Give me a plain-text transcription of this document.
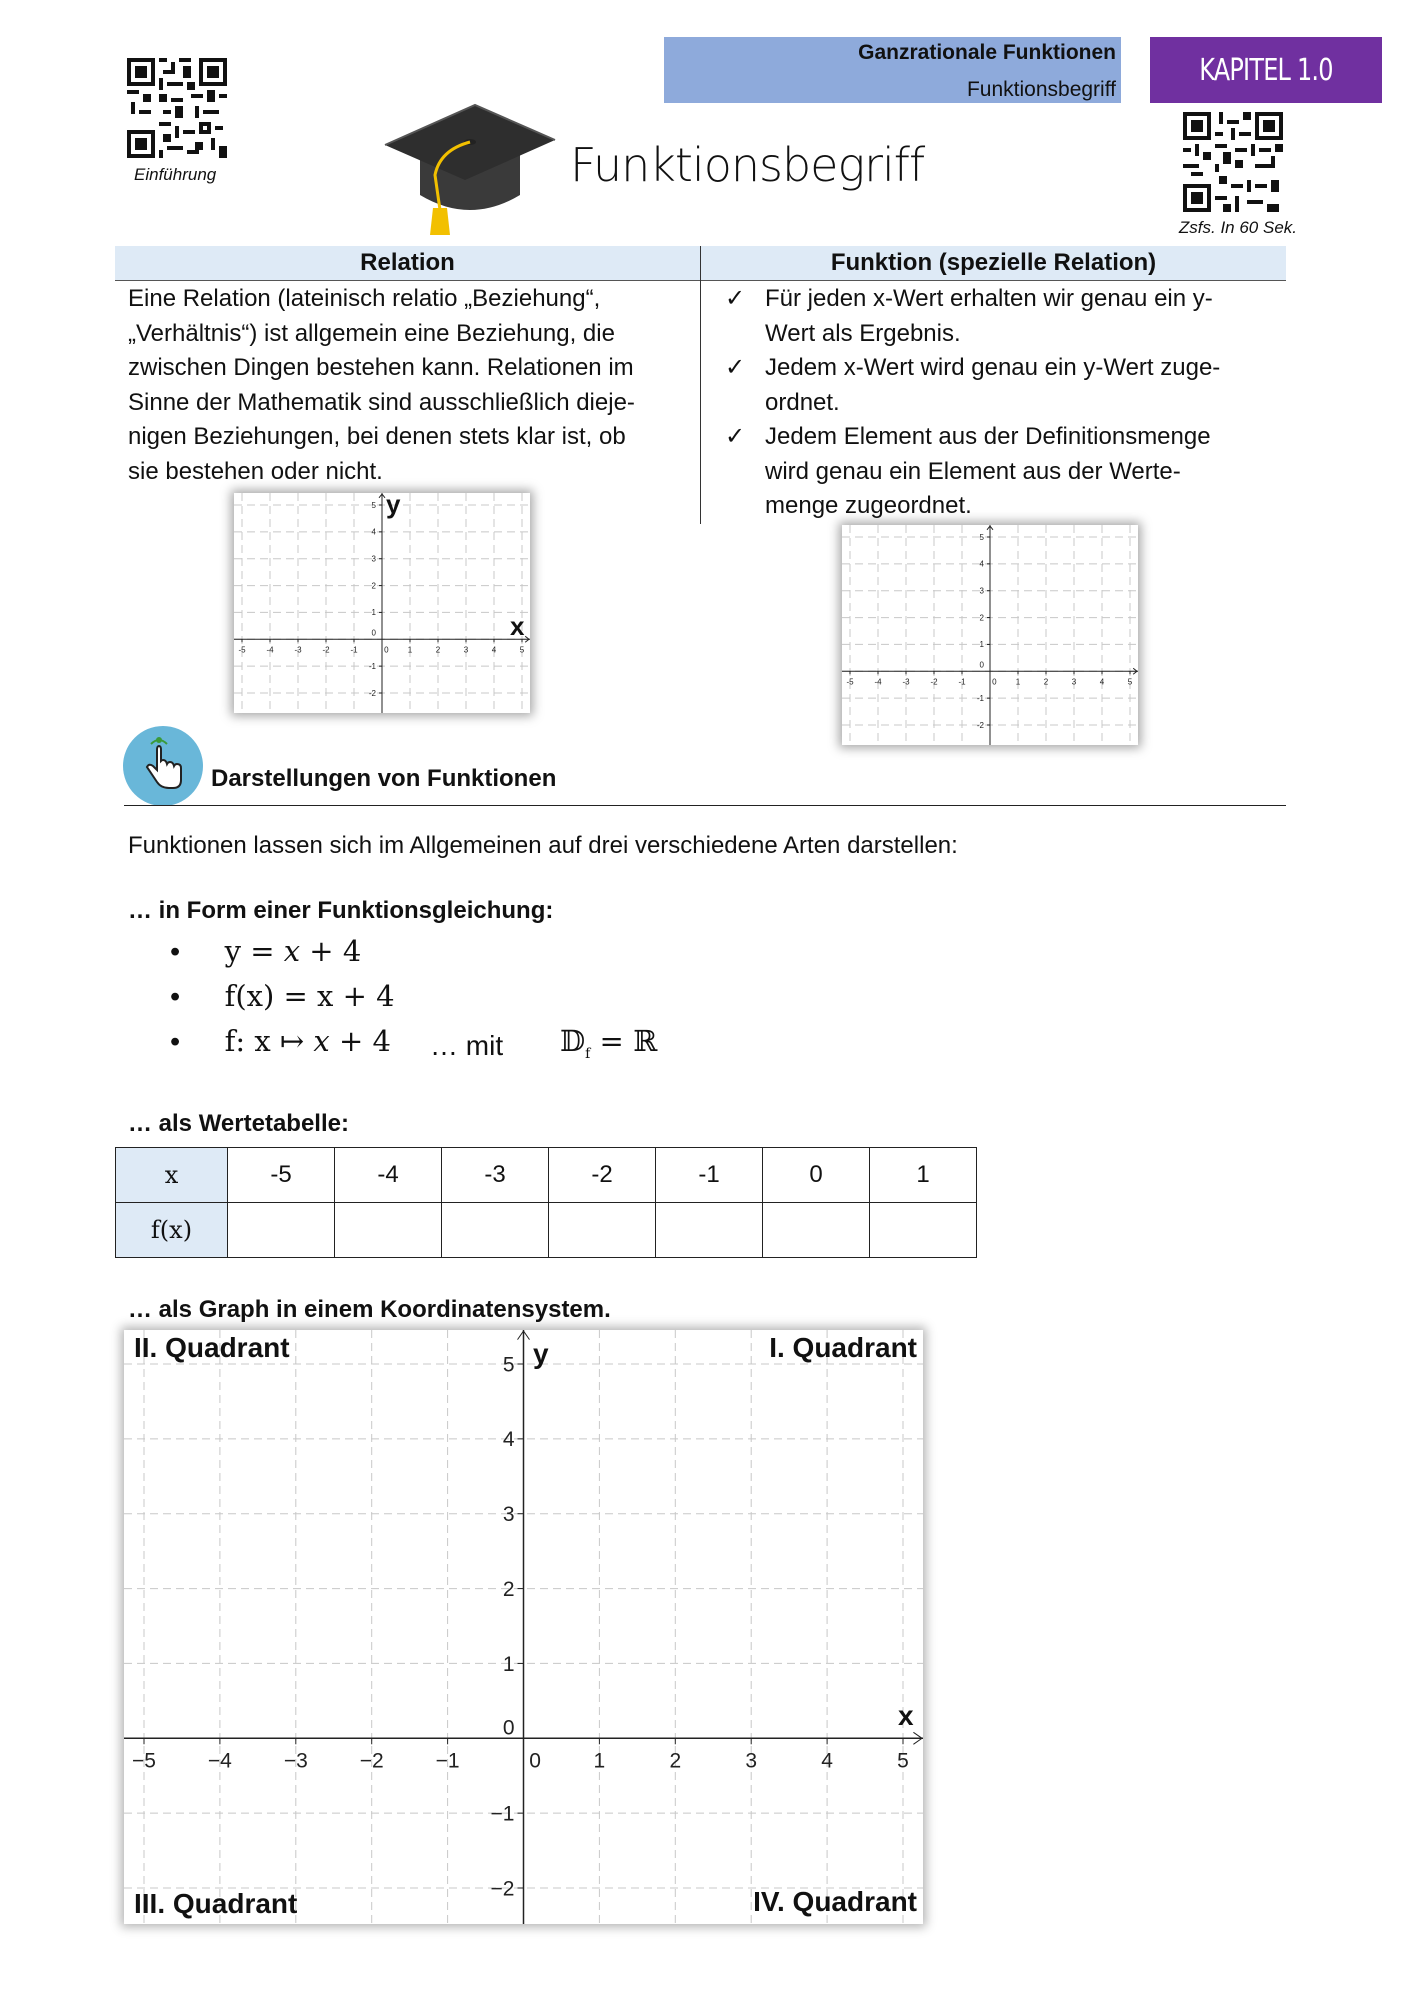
Einführung	Funktionsbegriff
Ganzrationale Funktionen
Funktionsbegriff
KAPITEL 1.0
Zsfs. In 60 Sek.
Relation	Funktion (spezielle Relation)
Eine Relation (lateinisch relatio „Beziehung“,
„Verhältnis“) ist allgemein eine Beziehung, die
zwischen Dingen bestehen kann. Relationen im
Sinne der Mathematik sind ausschließlich dieje-
nigen Beziehungen, bei denen stets klar ist, ob
sie bestehen oder nicht.
✓ Für jeden x-Wert erhalten wir genau ein y-
Wert als Ergebnis.
✓ Jedem x-Wert wird genau ein y-Wert zuge-
ordnet.
✓ Jedem Element aus der Definitionsmenge
wird genau ein Element aus der Werte-
menge zugeordnet.
-5	-4	-3	-2	-1	0 1	2	3	4	5
5
4
3
2
1
-1
-2
0
y
x
-5	-4	-3	-2	-1	0 1	2	3	4	5
5
4
3
2
1
-1
-2
0
Darstellungen von Funktionen
Funktionen lassen sich im Allgemeinen auf drei verschiedene Arten darstellen:
… in Form einer Funktionsgleichung:
• y = x + 4
• f(x) = x + 4
• f: x ↦ x + 4 … mit 𝔻$_f$ = ℝ
… als Wertetabelle:
x	-5	-4	-3	-2	-1	0	1
f(x)							
… als Graph in einem Koordinatensystem.
−5 −4 −3 −2 −1	0	1	2	3	4	5
5
4
3
2
1
−1
−2
0
II. Quadrant	I. Quadrant
III. Quadrant	IV. Quadrant
y
x
